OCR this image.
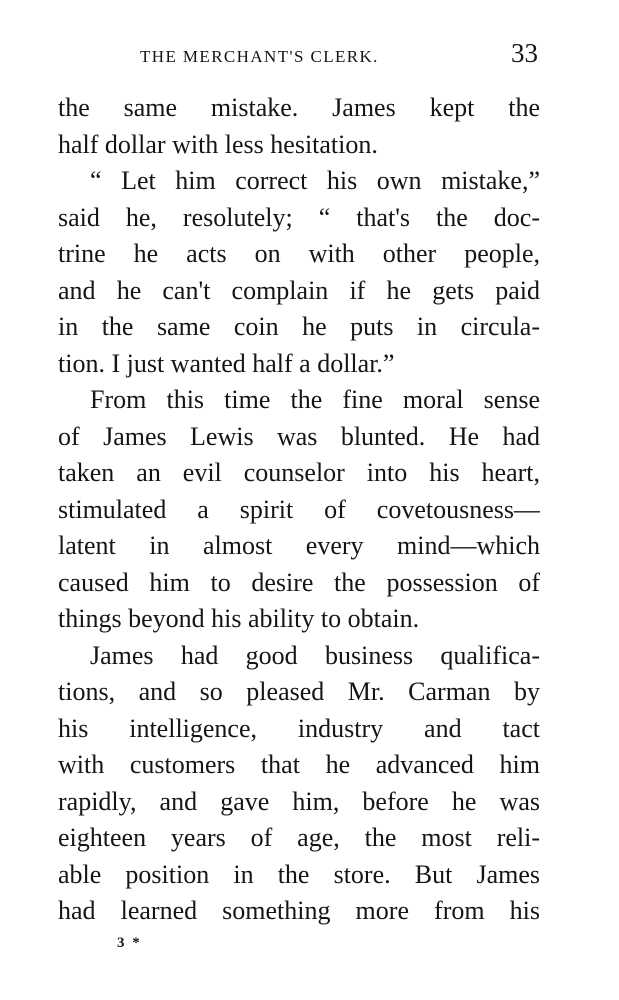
THE MERCHANT'S CLERK.	33
the same mistake. James kept the
half dollar with less hesitation.
“ Let him correct his own mistake,”
said he, resolutely; “ that's the doc-
trine he acts on with other people,
and he can't complain if he gets paid
in the same coin he puts in circula-
tion. I just wanted half a dollar.”
From this time the fine moral sense
of James Lewis was blunted. He had
taken an evil counselor into his heart,
stimulated a spirit of covetousness—
latent in almost every mind—which
caused him to desire the possession of
things beyond his ability to obtain.
James had good business qualifica-
tions, and so pleased Mr. Carman by
his intelligence, industry and tact
with customers that he advanced him
rapidly, and gave him, before he was
eighteen years of age, the most reli-
able position in the store. But James
had learned something more from his
3 *
